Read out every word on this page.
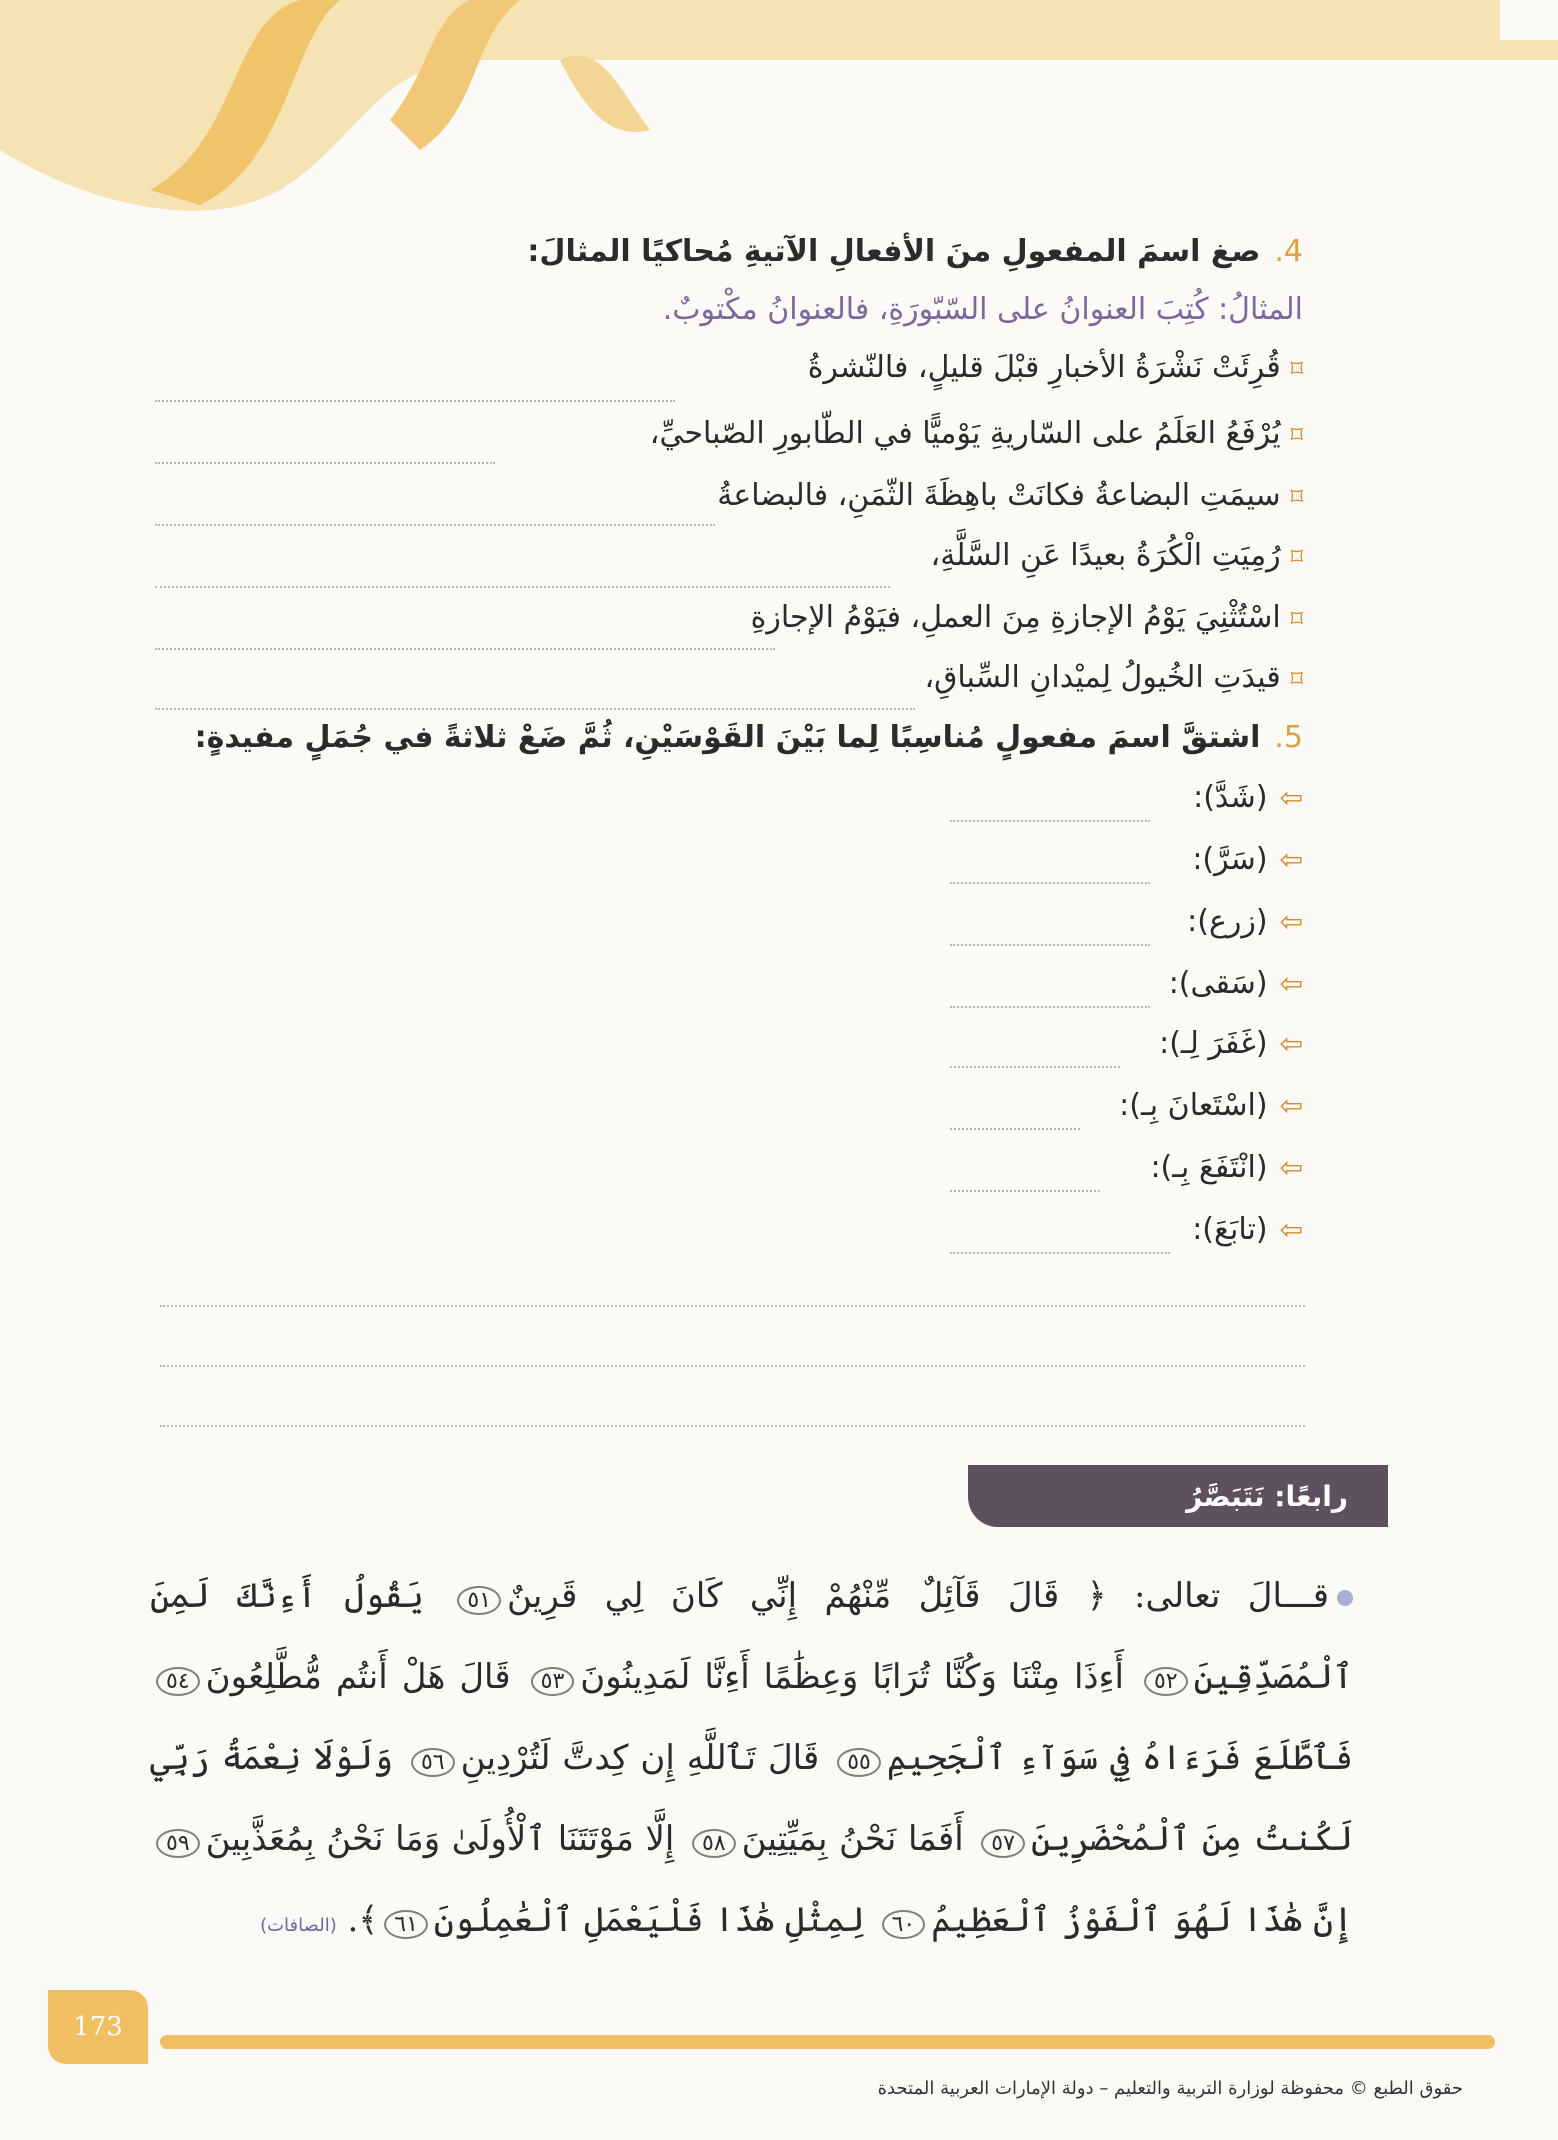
4.صغ اسمَ المفعولِ منَ الأفعالِ الآتيةِ مُحاكيًا المثالَ:
المثالُ: كُتِبَ العنوانُ على السّبّورَةِ، فالعنوانُ مكْتوبٌ.
⌑قُرِئَتْ نَشْرَةُ الأخبارِ قبْلَ قليلٍ، فالنّشرةُ
⌑يُرْفَعُ العَلَمُ على السّاريةِ يَوْميًّا في الطّابورِ الصّباحيِّ،
⌑سيمَتِ البضاعةُ فكانَتْ باهِظَةَ الثّمَنِ، فالبضاعةُ
⌑رُمِيَتِ الْكُرَةُ بعيدًا عَنِ السَّلَّةِ،
⌑اسْتُثْنِيَ يَوْمُ الإجازةِ مِنَ العملِ، فيَوْمُ الإجازةِ
⌑قيدَتِ الخُيولُ لِميْدانِ السِّباقِ،
5.اشتقَّ اسمَ مفعولٍ مُناسِبًا لِما بَيْنَ القَوْسَيْنِ، ثُمَّ ضَعْ ثلاثةً في جُمَلٍ مفيدةٍ:
⇦(شَدَّ):
⇦(سَرَّ):
⇦(زرع):
⇦(سَقى):
⇦(غَفَرَ لِـ):
⇦(اسْتَعانَ بِـ):
⇦(انْتَفَعَ بِـ):
⇦(تابَعَ):
رابعًا: نَتَبَصَّرُ
قـــالَ تعالى: ﴿ قَالَ قَآئِلٌ مِّنْهُمْ إِنِّي كَانَ لِي قَرِينٌ٥١ يَقُولُ أَءِنَّكَ لَمِنَ ٱلْمُصَدِّقِينَ٥٢ أَءِذَا مِتْنَا وَكُنَّا تُرَابًا وَعِظَٰمًا أَءِنَّا لَمَدِينُونَ٥٣ قَالَ هَلْ أَنتُم مُّطَّلِعُونَ٥٤ فَٱطَّلَعَ فَرَءَاهُ فِي سَوَآءِ ٱلْجَحِيمِ٥٥ قَالَ تَٱللَّهِ إِن كِدتَّ لَتُرْدِينِ٥٦ وَلَوْلَا نِعْمَةُ رَبِّي لَكُنتُ مِنَ ٱلْمُحْضَرِينَ٥٧ أَفَمَا نَحْنُ بِمَيِّتِينَ٥٨ إِلَّا مَوْتَتَنَا ٱلْأُولَىٰ وَمَا نَحْنُ بِمُعَذَّبِينَ٥٩ إِنَّ هَٰذَا لَهُوَ ٱلْفَوْزُ ٱلْعَظِيمُ٦٠ لِمِثْلِ هَٰذَا فَلْيَعْمَلِ ٱلْعَٰمِلُونَ٦١﴾. (الصافات)
173
حقوق الطبع © محفوظة لوزارة التربية والتعليم – دولة الإمارات العربية المتحدة
